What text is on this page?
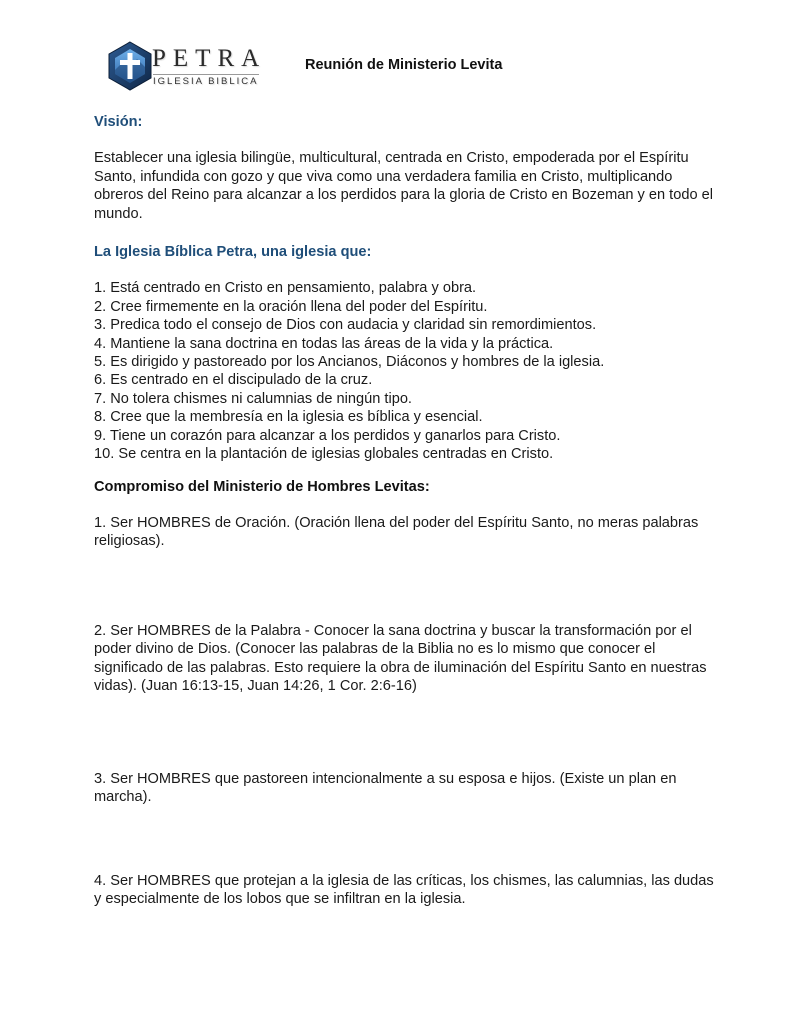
PETRA
IGLESIA BIBLICA
Reunión de Ministerio Levita
Visión:

Establecer una iglesia bilingüe, multicultural, centrada en Cristo, empoderada por el Espíritu Santo, infundida con gozo y que viva como una verdadera familia en Cristo, multiplicando obreros del Reino para alcanzar a los perdidos para la gloria de Cristo en Bozeman y en todo el mundo.

La Iglesia Bíblica Petra, una iglesia que:
1. Está centrado en Cristo en pensamiento, palabra y obra.
2. Cree firmemente en la oración llena del poder del Espíritu.
3. Predica todo el consejo de Dios con audacia y claridad sin remordimientos.
4. Mantiene la sana doctrina en todas las áreas de la vida y la práctica.
5. Es dirigido y pastoreado por los Ancianos, Diáconos y hombres de la iglesia.
6. Es centrado en el discipulado de la cruz.
7. No tolera chismes ni calumnias de ningún tipo.
8. Cree que la membresía en la iglesia es bíblica y esencial.
9. Tiene un corazón para alcanzar a los perdidos y ganarlos para Cristo.
10. Se centra en la plantación de iglesias globales centradas en Cristo.
Compromiso del Ministerio de Hombres Levitas:
1. Ser HOMBRES de Oración. (Oración llena del poder del Espíritu Santo, no meras palabras religiosas).
2. Ser HOMBRES de la Palabra - Conocer la sana doctrina y buscar la transformación por el poder divino de Dios. (Conocer las palabras de la Biblia no es lo mismo que conocer el significado de las palabras. Esto requiere la obra de iluminación del Espíritu Santo en nuestras vidas). (Juan 16:13-15, Juan 14:26, 1 Cor. 2:6-16)
3. Ser HOMBRES que pastoreen intencionalmente a su esposa e hijos. (Existe un plan en marcha).
4. Ser HOMBRES que protejan a la iglesia de las críticas, los chismes, las calumnias, las dudas y especialmente de los lobos que se infiltran en la iglesia.
